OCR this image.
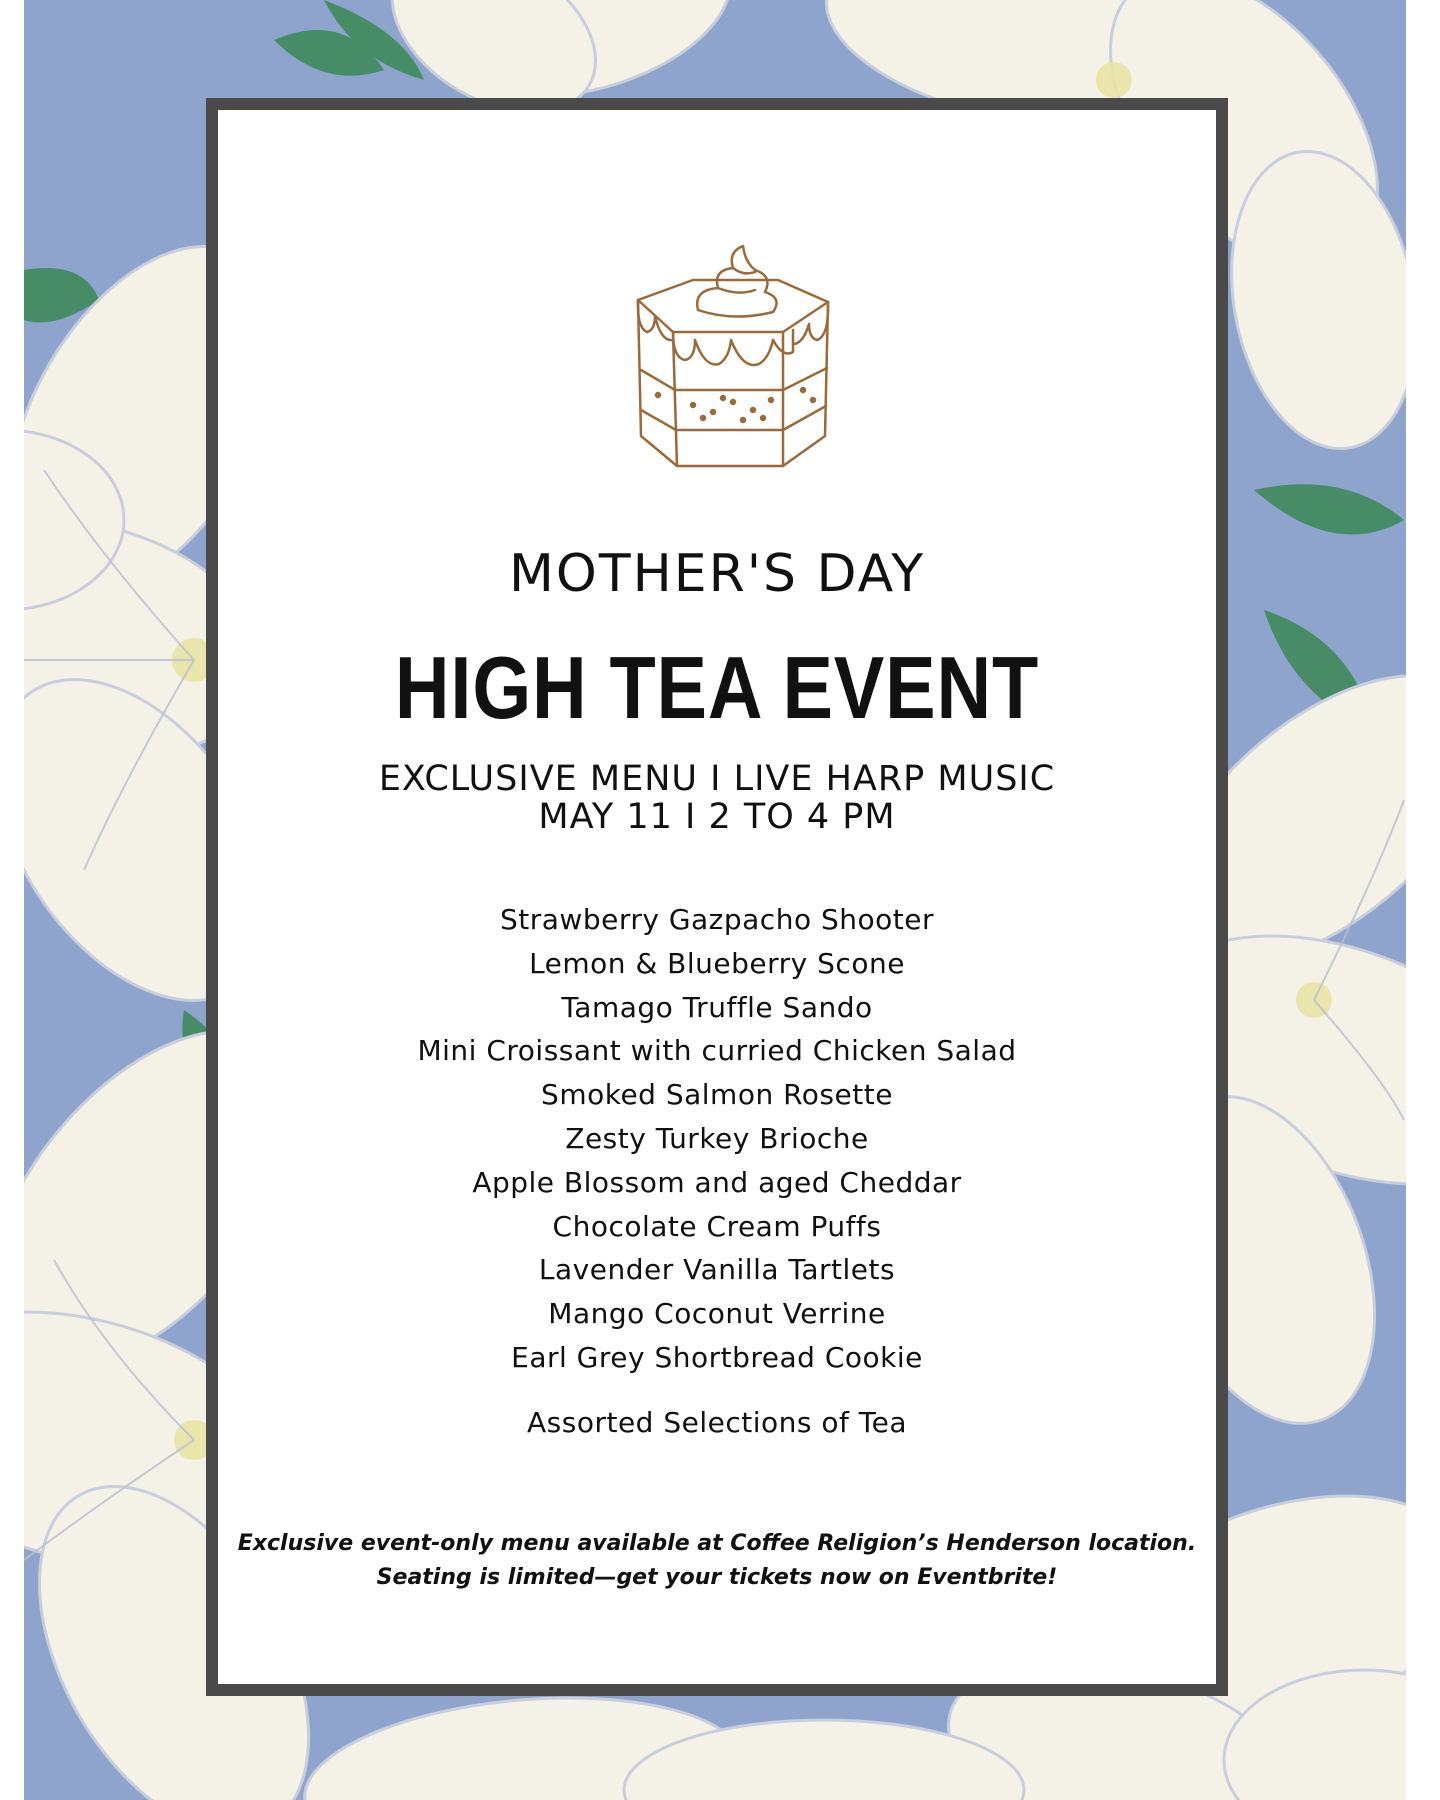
MOTHER'S DAY
HIGH TEA EVENT
EXCLUSIVE MENU I LIVE HARP MUSIC
MAY 11 I 2 TO 4 PM
Strawberry Gazpacho Shooter
Lemon & Blueberry Scone
Tamago Truffle Sando
Mini Croissant with curried Chicken Salad
Smoked Salmon Rosette
Zesty Turkey Brioche
Apple Blossom and aged Cheddar
Chocolate Cream Puffs
Lavender Vanilla Tartlets
Mango Coconut Verrine
Earl Grey Shortbread Cookie
Assorted Selections of Tea
Exclusive event-only menu available at Coffee Religion’s Henderson location.
Seating is limited—get your tickets now on Eventbrite!
